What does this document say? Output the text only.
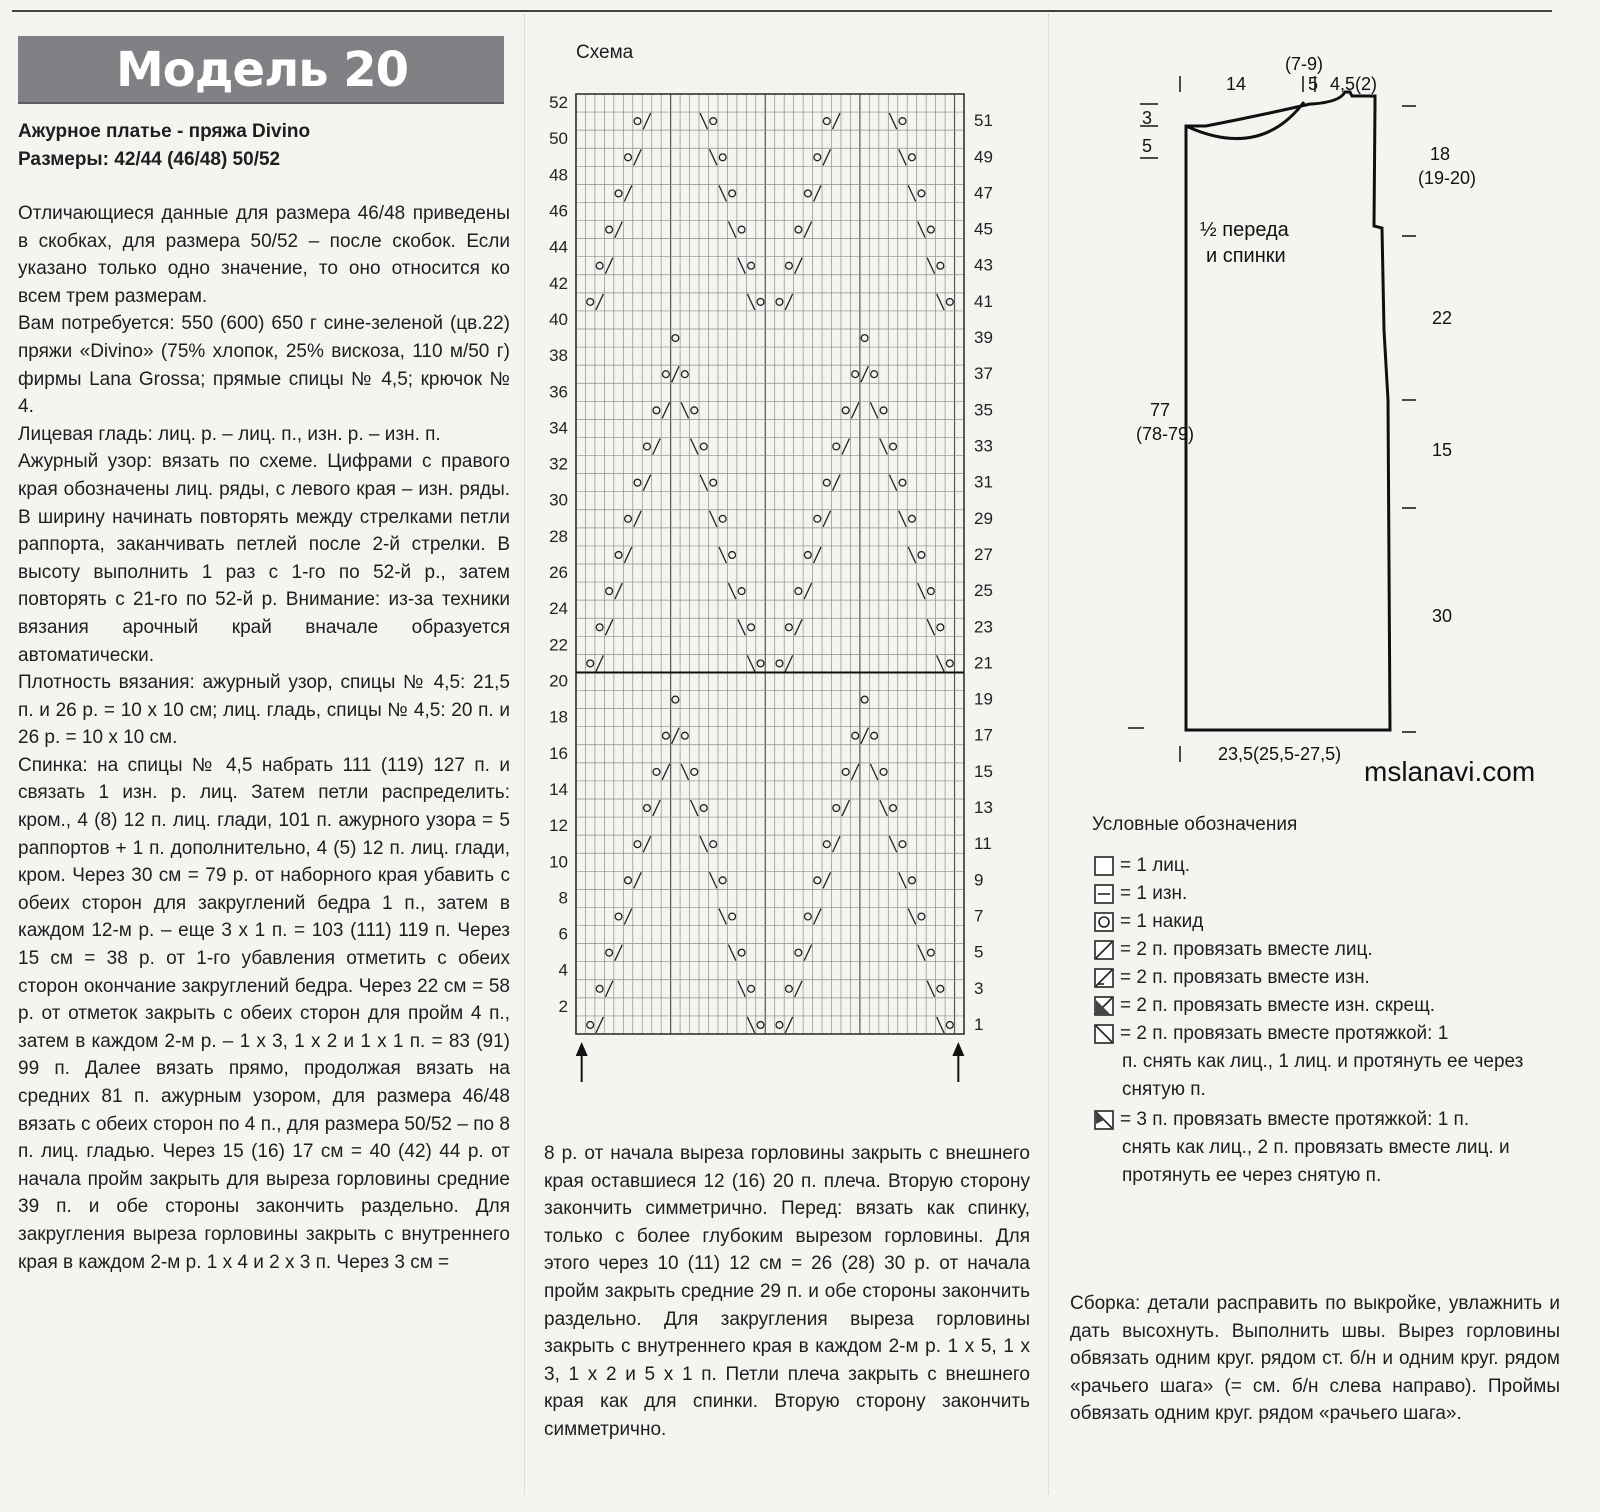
Модель 20
Ажурное платье - пряжа Divino
Размеры: 42/44 (46/48) 50/52

Отличающиеся данные для размера 46/48 приведены в скобках, для размера 50/52 – после скобок. Если указано только одно значение, то оно относится ко всем трем размерам.

Вам потребуется: 550 (600) 650 г сине-зеленой (цв.22) пряжи «Divino» (75% хлопок, 25% вискоза, 110 м/50 г) фирмы Lana Grossa; прямые спицы № 4,5; крючок № 4.

Лицевая гладь: лиц. р. – лиц. п., изн. р. – изн. п.

Ажурный узор: вязать по схеме. Цифрами с правого края обозначены лиц. ряды, с левого края – изн. ряды. В ширину начинать повторять между стрелками петли раппорта, заканчивать петлей после 2-й стрелки. В высоту выполнить 1 раз с 1-го по 52-й р., затем повторять с 21-го по 52-й р. Внимание: из-за техники вязания арочный край вначале образуется автоматически.

Плотность вязания: ажурный узор, спицы № 4,5: 21,5 п. и 26 р. = 10 х 10 см; лиц. гладь, спицы № 4,5: 20 п. и 26 р. = 10 х 10 см.

Спинка: на спицы № 4,5 набрать 111 (119) 127 п. и связать 1 изн. р. лиц. Затем петли распределить: кром., 4 (8) 12 п. лиц. глади, 101 п. ажурного узора = 5 раппортов + 1 п. дополнительно, 4 (5) 12 п. лиц. глади, кром. Через 30 см = 79 р. от наборного края убавить с обеих сторон для закруглений бедра 1 п., затем в каждом 12-м р. – еще 3 х 1 п. = 103 (111) 119 п. Через 15 см = 38 р. от 1-го убавления отметить с обеих сторон окончание закруглений бедра. Через 22 см = 58 р. от отметок закрыть с обеих сторон для пройм 4 п., затем в каждом 2-м р. – 1 х 3, 1 х 2 и 1 х 1 п. = 83 (91) 99 п. Далее вязать прямо, продолжая вязать на средних 81 п. ажурным узором, для размера 46/48 вязать с обеих сторон по 4 п., для размера 50/52 – по 8 п. лиц. гладью. Через 15 (16) 17 см = 40 (42) 44 р. от начала пройм закрыть для выреза горловины средние 39 п. и обе стороны закончить раздельно. Для закругления выреза горловины закрыть с внутреннего края в каждом 2-м р. 1 х 4 и 2 х 3 п. Через 3 см =

Схема
52
50
48
46
44
42
40
38
36
34
32
30
28
26
24
22
20
18
16
14
12
10
8
6
4
2
51
49
47
45
43
41
39
37
35
33
31
29
27
25
23
21
19
17
15
13
11
9
7
5
3
1

8 р. от начала выреза горловины закрыть с внешнего края оставшиеся 12 (16) 20 п. плеча. Вторую сторону закончить симметрично. Перед: вязать как спинку, только с более глубоким вырезом горловины. Для этого через 10 (11) 12 см = 26 (28) 30 р. от начала пройм закрыть средние 29 п. и обе стороны закончить раздельно. Для закругления выреза горловины закрыть с внутреннего края в каждом 2-м р. 1 х 5, 1 х 3, 1 х 2 и 5 х 1 п. Петли плеча закрыть с внешнего края как для спинки. Вторую сторону закончить симметрично.

(7-9)
14	5 4,5(2)
3
5	18
(19-20)
½ переда
и спинки
22
77
(78-79)
15
30
23,5(25,5-27,5)
mslanavi.com
Условные обозначения
= 1 лиц.
= 1 изн.
= 1 накид
= 2 п. провязать вместе лиц.
= 2 п. провязать вместе изн.
= 2 п. провязать вместе изн. скрещ.
= 2 п. провязать вместе протяжкой: 1
п. снять как лиц., 1 лиц. и протянуть ее через снятую п.
= 3 п. провязать вместе протяжкой: 1 п.
снять как лиц., 2 п. провязать вместе лиц. и протянуть ее через снятую п.

Сборка: детали расправить по выкройке, увлажнить и дать высохнуть. Выполнить швы. Вырез горловины обвязать одним круг. рядом ст. б/н и одним круг. рядом «рачьего шага» (= см. б/н слева направо). Проймы обвязать одним круг. рядом «рачьего шага».
